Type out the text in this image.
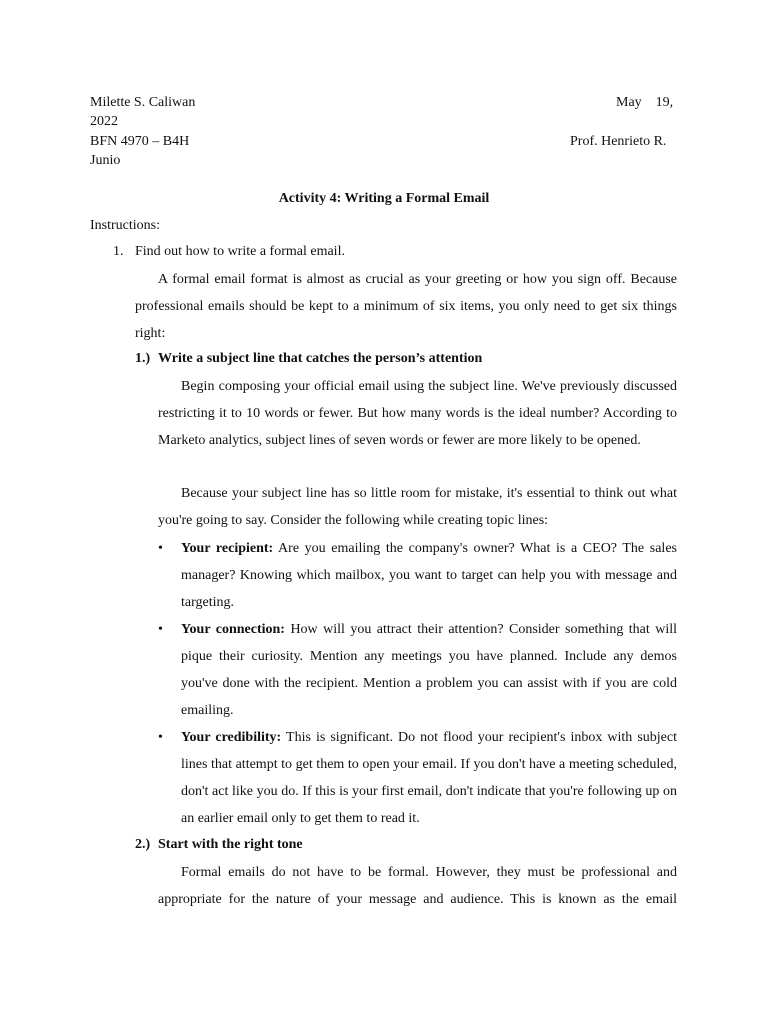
Milette S. Caliwan	May    19,
2022
BFN 4970 – B4H	Prof. Henrieto R.
Junio
Activity 4: Writing a Formal Email
Instructions:
1. Find out how to write a formal email.
A formal email format is almost as crucial as your greeting or how you sign off. Because professional emails should be kept to a minimum of six items, you only need to get six things right:
1.) Write a subject line that catches the person’s attention
Begin composing your official email using the subject line. We've previously discussed restricting it to 10 words or fewer. But how many words is the ideal number? According to Marketo analytics, subject lines of seven words or fewer are more likely to be opened.
Because your subject line has so little room for mistake, it's essential to think out what you're going to say. Consider the following while creating topic lines:
• Your recipient: Are you emailing the company's owner? What is a CEO? The sales manager? Knowing which mailbox, you want to target can help you with message and targeting.
• Your connection: How will you attract their attention? Consider something that will pique their curiosity. Mention any meetings you have planned. Include any demos you've done with the recipient. Mention a problem you can assist with if you are cold emailing.
• Your credibility: This is significant. Do not flood your recipient's inbox with subject lines that attempt to get them to open your email. If you don't have a meeting scheduled, don't act like you do. If this is your first email, don't indicate that you're following up on an earlier email only to get them to read it.
2.) Start with the right tone
Formal emails do not have to be formal. However, they must be professional and appropriate for the nature of your message and audience. This is known as the email
